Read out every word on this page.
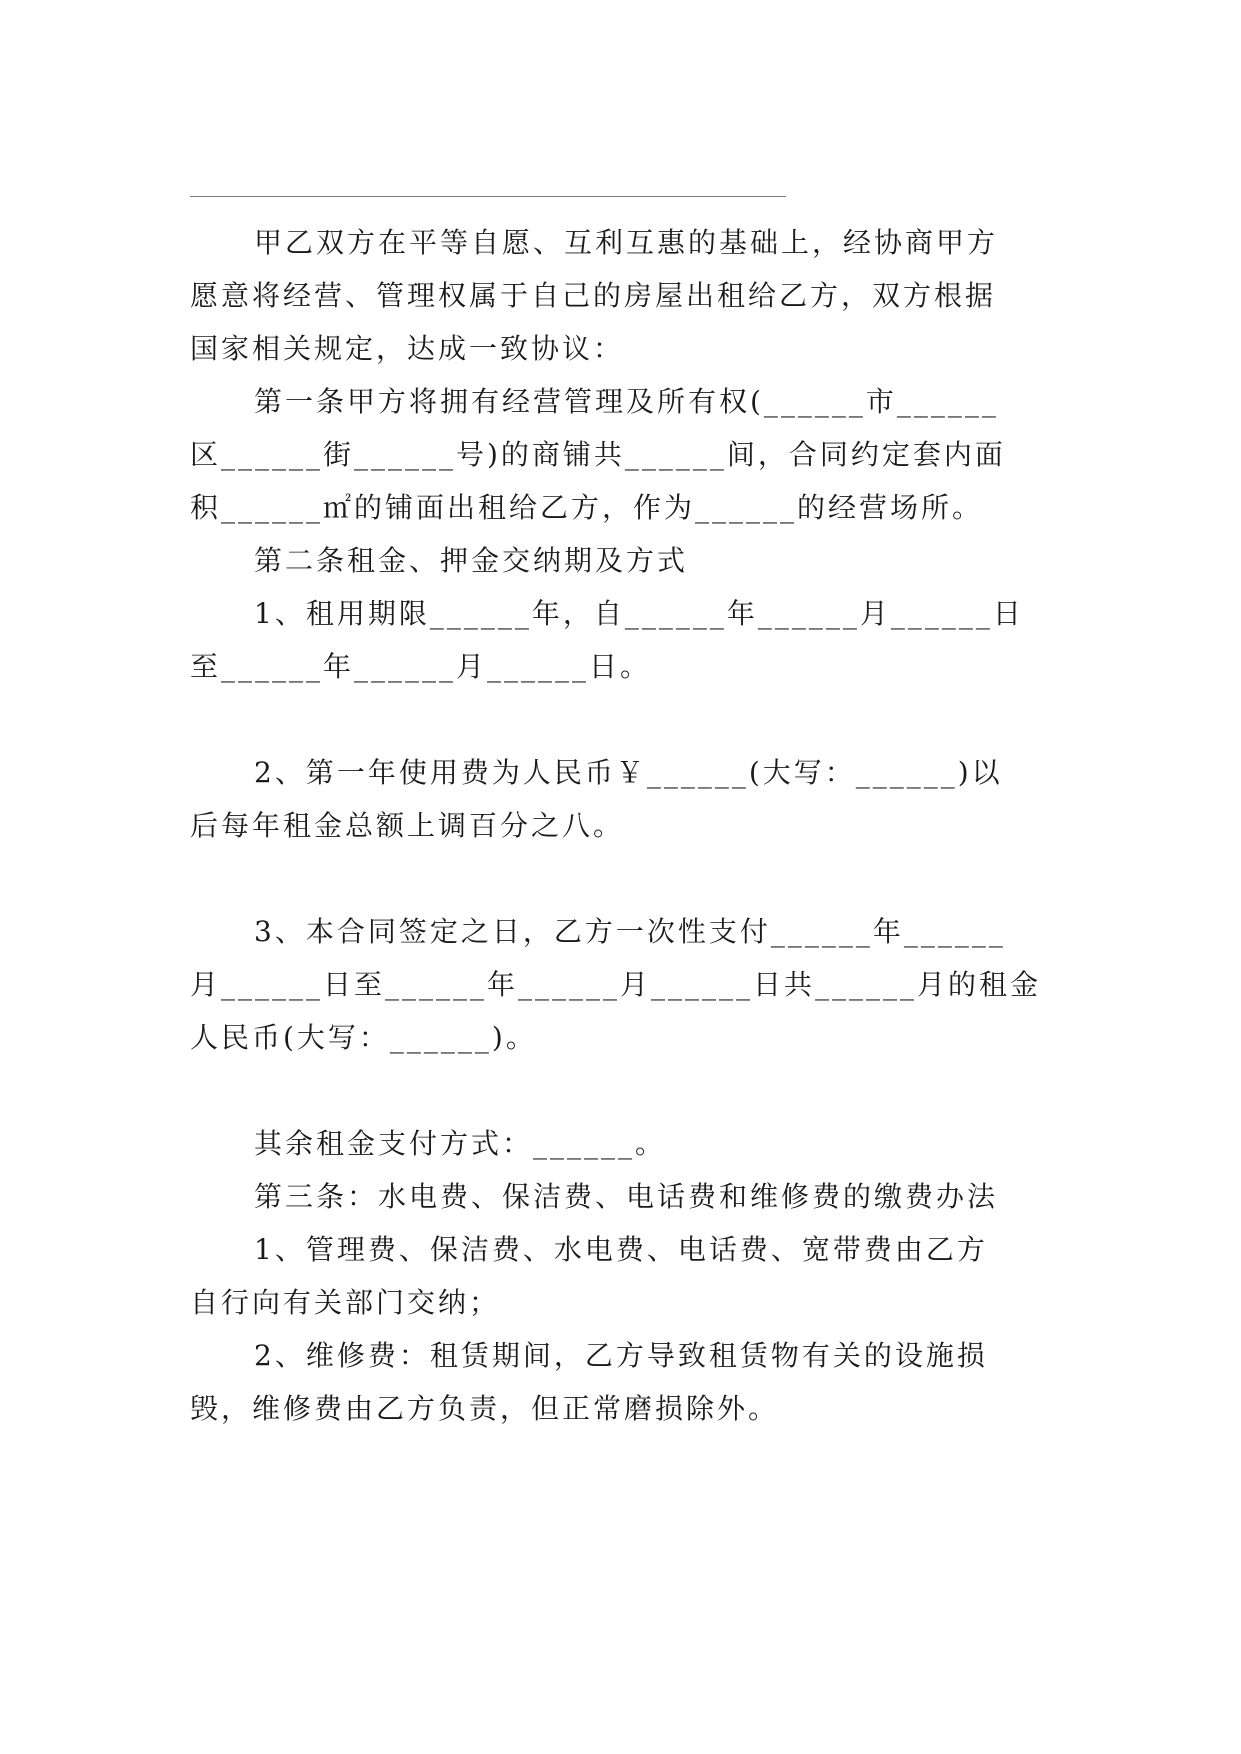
甲乙双方在平等自愿、互利互惠的基础上，经协商甲方
愿意将经营、管理权属于自己的房屋出租给乙方，双方根据
国家相关规定，达成一致协议：
第一条甲方将拥有经营管理及所有权(______市______
区______街______号)的商铺共______间，合同约定套内面
积______㎡的铺面出租给乙方，作为______的经营场所。
第二条租金、押金交纳期及方式
1、租用期限______年，自______年______月______日
至______年______月______日。
2、第一年使用费为人民币￥______(大写：______)以
后每年租金总额上调百分之八。
3、本合同签定之日，乙方一次性支付______年______
月______日至______年______月______日共______月的租金
人民币(大写：______)。
其余租金支付方式：______。
第三条：水电费、保洁费、电话费和维修费的缴费办法
1、管理费、保洁费、水电费、电话费、宽带费由乙方
自行向有关部门交纳；
2、维修费：租赁期间，乙方导致租赁物有关的设施损
毁，维修费由乙方负责，但正常磨损除外。
